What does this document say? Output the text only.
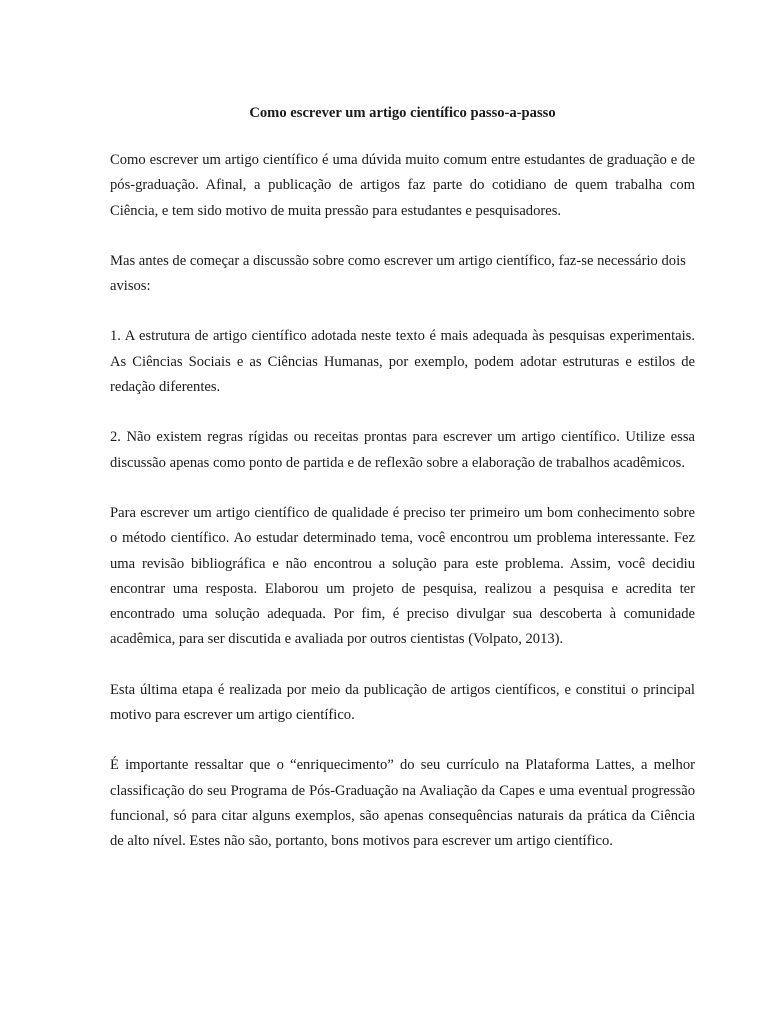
Como escrever um artigo científico passo-a-passo

Como escrever um artigo científico é uma dúvida muito comum entre estudantes de graduação e de pós-graduação. Afinal, a publicação de artigos faz parte do cotidiano de quem trabalha com Ciência, e tem sido motivo de muita pressão para estudantes e pesquisadores.

Mas antes de começar a discussão sobre como escrever um artigo científico, faz-se necessário dois avisos:

1. A estrutura de artigo científico adotada neste texto é mais adequada às pesquisas experimentais. As Ciências Sociais e as Ciências Humanas, por exemplo, podem adotar estruturas e estilos de redação diferentes.

2. Não existem regras rígidas ou receitas prontas para escrever um artigo científico. Utilize essa discussão apenas como ponto de partida e de reflexão sobre a elaboração de trabalhos acadêmicos.

Para escrever um artigo científico de qualidade é preciso ter primeiro um bom conhecimento sobre o método científico. Ao estudar determinado tema, você encontrou um problema interessante. Fez uma revisão bibliográfica e não encontrou a solução para este problema. Assim, você decidiu encontrar uma resposta. Elaborou um projeto de pesquisa, realizou a pesquisa e acredita ter encontrado uma solução adequada. Por fim, é preciso divulgar sua descoberta à comunidade acadêmica, para ser discutida e avaliada por outros cientistas (Volpato, 2013).

Esta última etapa é realizada por meio da publicação de artigos científicos, e constitui o principal motivo para escrever um artigo científico.

É importante ressaltar que o “enriquecimento” do seu currículo na Plataforma Lattes, a melhor classificação do seu Programa de Pós-Graduação na Avaliação da Capes e uma eventual progressão funcional, só para citar alguns exemplos, são apenas consequências naturais da prática da Ciência de alto nível. Estes não são, portanto, bons motivos para escrever um artigo científico.
